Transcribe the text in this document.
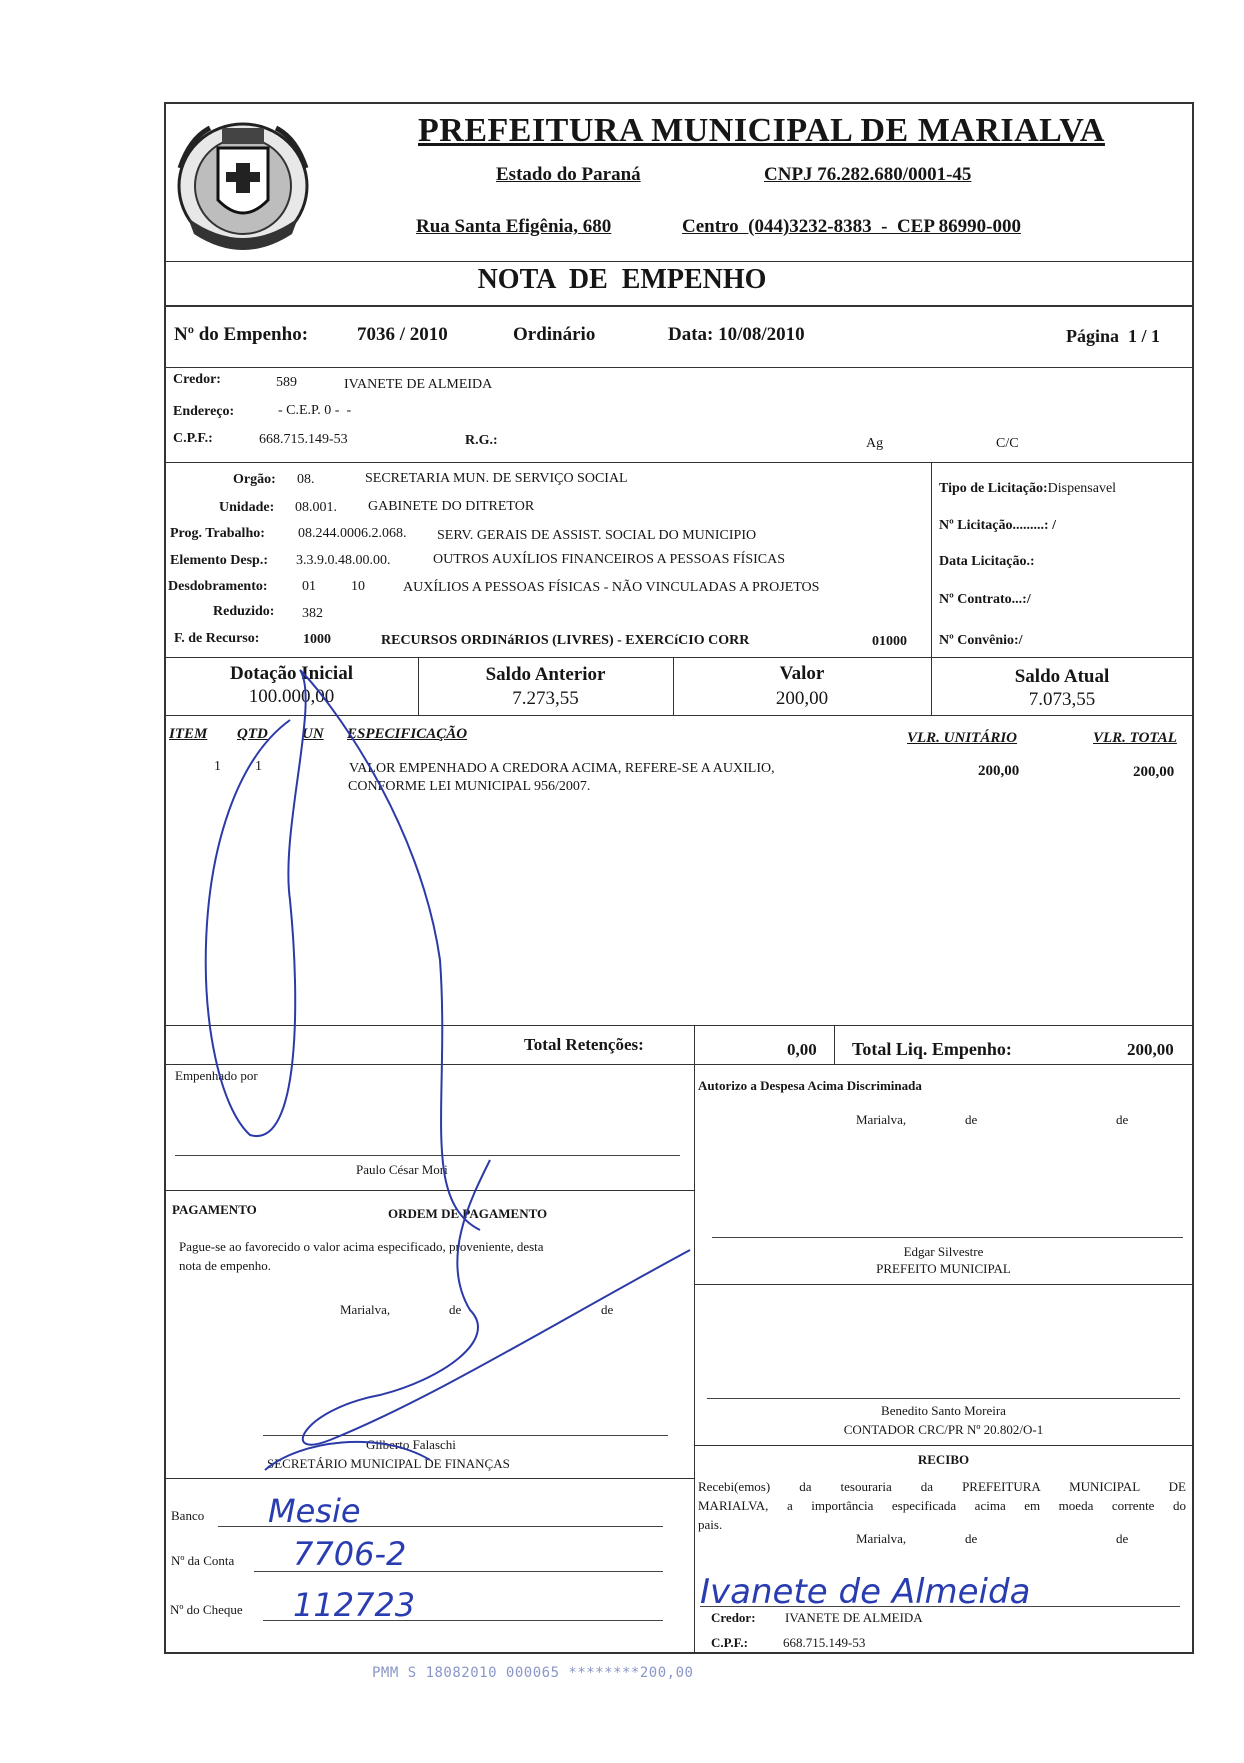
PREFEITURA MUNICIPAL DE MARIALVA
Estado do Paraná	CNPJ 76.282.680/0001-45
Rua Santa Efigênia, 680	Centro  (044)3232-8383  -  CEP 86990-000
NOTA  DE  EMPENHO
Nº do Empenho:	7036 / 2010	Ordinário	Data: 10/08/2010	Página  1 / 1
Credor:	589	IVANETE DE ALMEIDA
Endereço:	- C.E.P. 0 -  -
C.P.F.:	668.715.149-53	R.G.:	Ag	C/C
Orgão: 08.	SECRETARIA MUN. DE SERVIÇO SOCIAL
Unidade: 08.001. GABINETE DO DITRETOR
Prog. Trabalho: 08.244.0006.2.068. SERV. GERAIS DE ASSIST. SOCIAL DO MUNICIPIO
Elemento Desp.: 3.3.9.0.48.00.00.	OUTROS AUXÍLIOS FINANCEIROS A PESSOAS FÍSICAS
Desdobramento: 01	10	AUXÍLIOS A PESSOAS FÍSICAS - NÃO VINCULADAS A PROJETOS
Reduzido: 382
F. de Recurso:	1000	RECURSOS ORDINáRIOS (LIVRES) - EXERCíCIO CORR	01000
Tipo de Licitação:Dispensavel
Nº Licitação.........: /
Data Licitação.:
Nº Contrato...:/
Nº Convênio:/
Dotação Inicial
100.000,00
Saldo Anterior
7.273,55
Valor
200,00
Saldo Atual
7.073,55
ITEM QTD UN ESPECIFICAÇÃO	VLR. UNITÁRIO	VLR. TOTAL
1 1	VALOR EMPENHADO A CREDORA ACIMA, REFERE-SE A AUXILIO,
CONFORME LEI MUNICIPAL 956/2007.
200,00	200,00
Total Retenções:	0,00 Total Liq. Empenho:	200,00
Empenhado por
Paulo César Mori
PAGAMENTO	ORDEM DE PAGAMENTO
Pague-se ao favorecido o valor acima especificado, proveniente, desta
nota de empenho.
Marialva,	de	de
Gilberto Falaschi
SECRETÁRIO MUNICIPAL DE FINANÇAS
Banco Mesie
Nº da Conta 7706-2
Nº do Cheque 112723
Autorizo a Despesa Acima Discriminada
Marialva,	de	de
Edgar Silvestre
PREFEITO MUNICIPAL
Benedito Santo Moreira
CONTADOR CRC/PR Nº 20.802/O-1
RECIBO
Recebi(emos) da tesouraria da PREFEITURA MUNICIPAL DE
MARIALVA, a importância especificada acima em moeda corrente do
pais.
Marialva,	de	de
Ivanete de Almeida
Credor: IVANETE DE ALMEIDA
C.P.F.:	668.715.149-53
PMM S 18082010 000065 ********200,00
